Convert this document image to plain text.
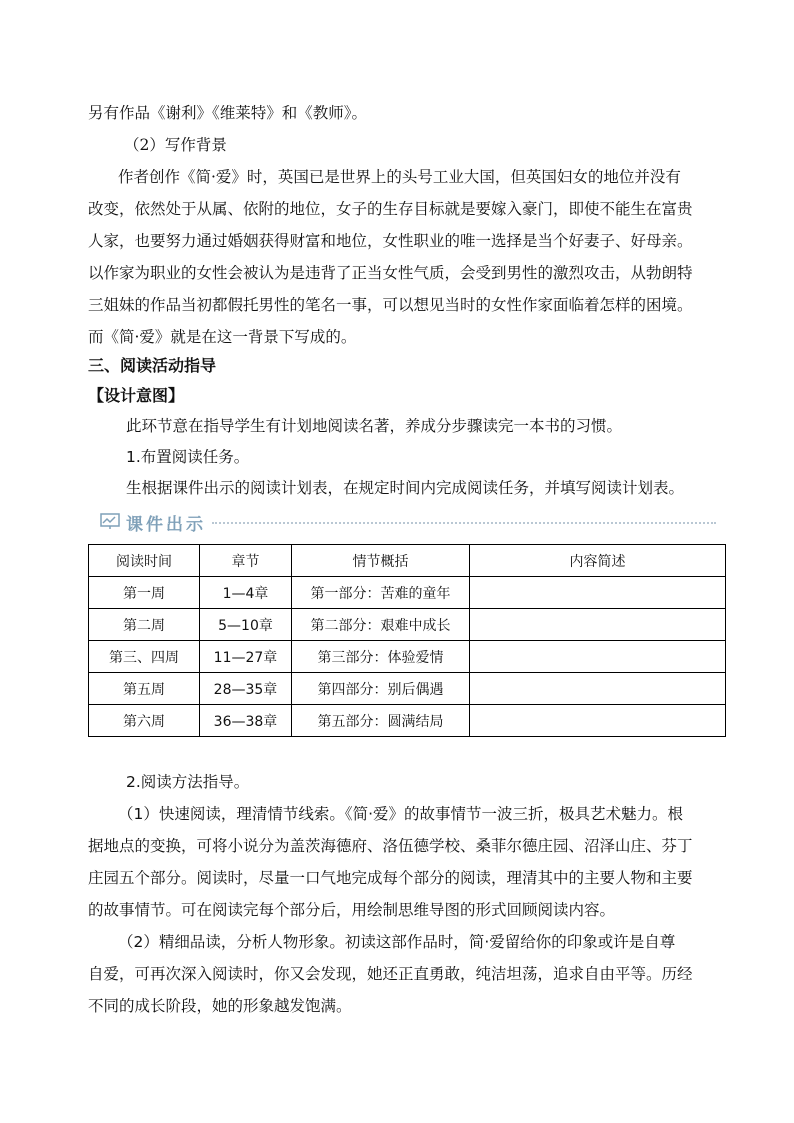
另有作品《谢利》《维莱特》和《教师》。
（2）写作背景
作者创作《简·爱》时，英国已是世界上的头号工业大国，但英国妇女的地位并没有
改变，依然处于从属、依附的地位，女子的生存目标就是要嫁入豪门，即使不能生在富贵
人家，也要努力通过婚姻获得财富和地位，女性职业的唯一选择是当个好妻子、好母亲。
以作家为职业的女性会被认为是违背了正当女性气质，会受到男性的激烈攻击，从勃朗特
三姐妹的作品当初都假托男性的笔名一事，可以想见当时的女性作家面临着怎样的困境。
而《简·爱》就是在这一背景下写成的。
三、阅读活动指导
【设计意图】
此环节意在指导学生有计划地阅读名著，养成分步骤读完一本书的习惯。
1.布置阅读任务。
生根据课件出示的阅读计划表，在规定时间内完成阅读任务，并填写阅读计划表。
课件出示
阅读时间	章节	情节概括	内容简述
第一周	1—4章	第一部分：苦难的童年	
第二周	5—10章	第二部分：艰难中成长	
第三、四周	11—27章	第三部分：体验爱情	
第五周	28—35章	第四部分：别后偶遇	
第六周	36—38章	第五部分：圆满结局	
2.阅读方法指导。
（1）快速阅读，理清情节线索。《简·爱》的故事情节一波三折，极具艺术魅力。根
据地点的变换，可将小说分为盖茨海德府、洛伍德学校、桑菲尔德庄园、沼泽山庄、芬丁
庄园五个部分。阅读时，尽量一口气地完成每个部分的阅读，理清其中的主要人物和主要
的故事情节。可在阅读完每个部分后，用绘制思维导图的形式回顾阅读内容。
（2）精细品读，分析人物形象。初读这部作品时，简·爱留给你的印象或许是自尊
自爱，可再次深入阅读时，你又会发现，她还正直勇敢，纯洁坦荡，追求自由平等。历经
不同的成长阶段，她的形象越发饱满。
